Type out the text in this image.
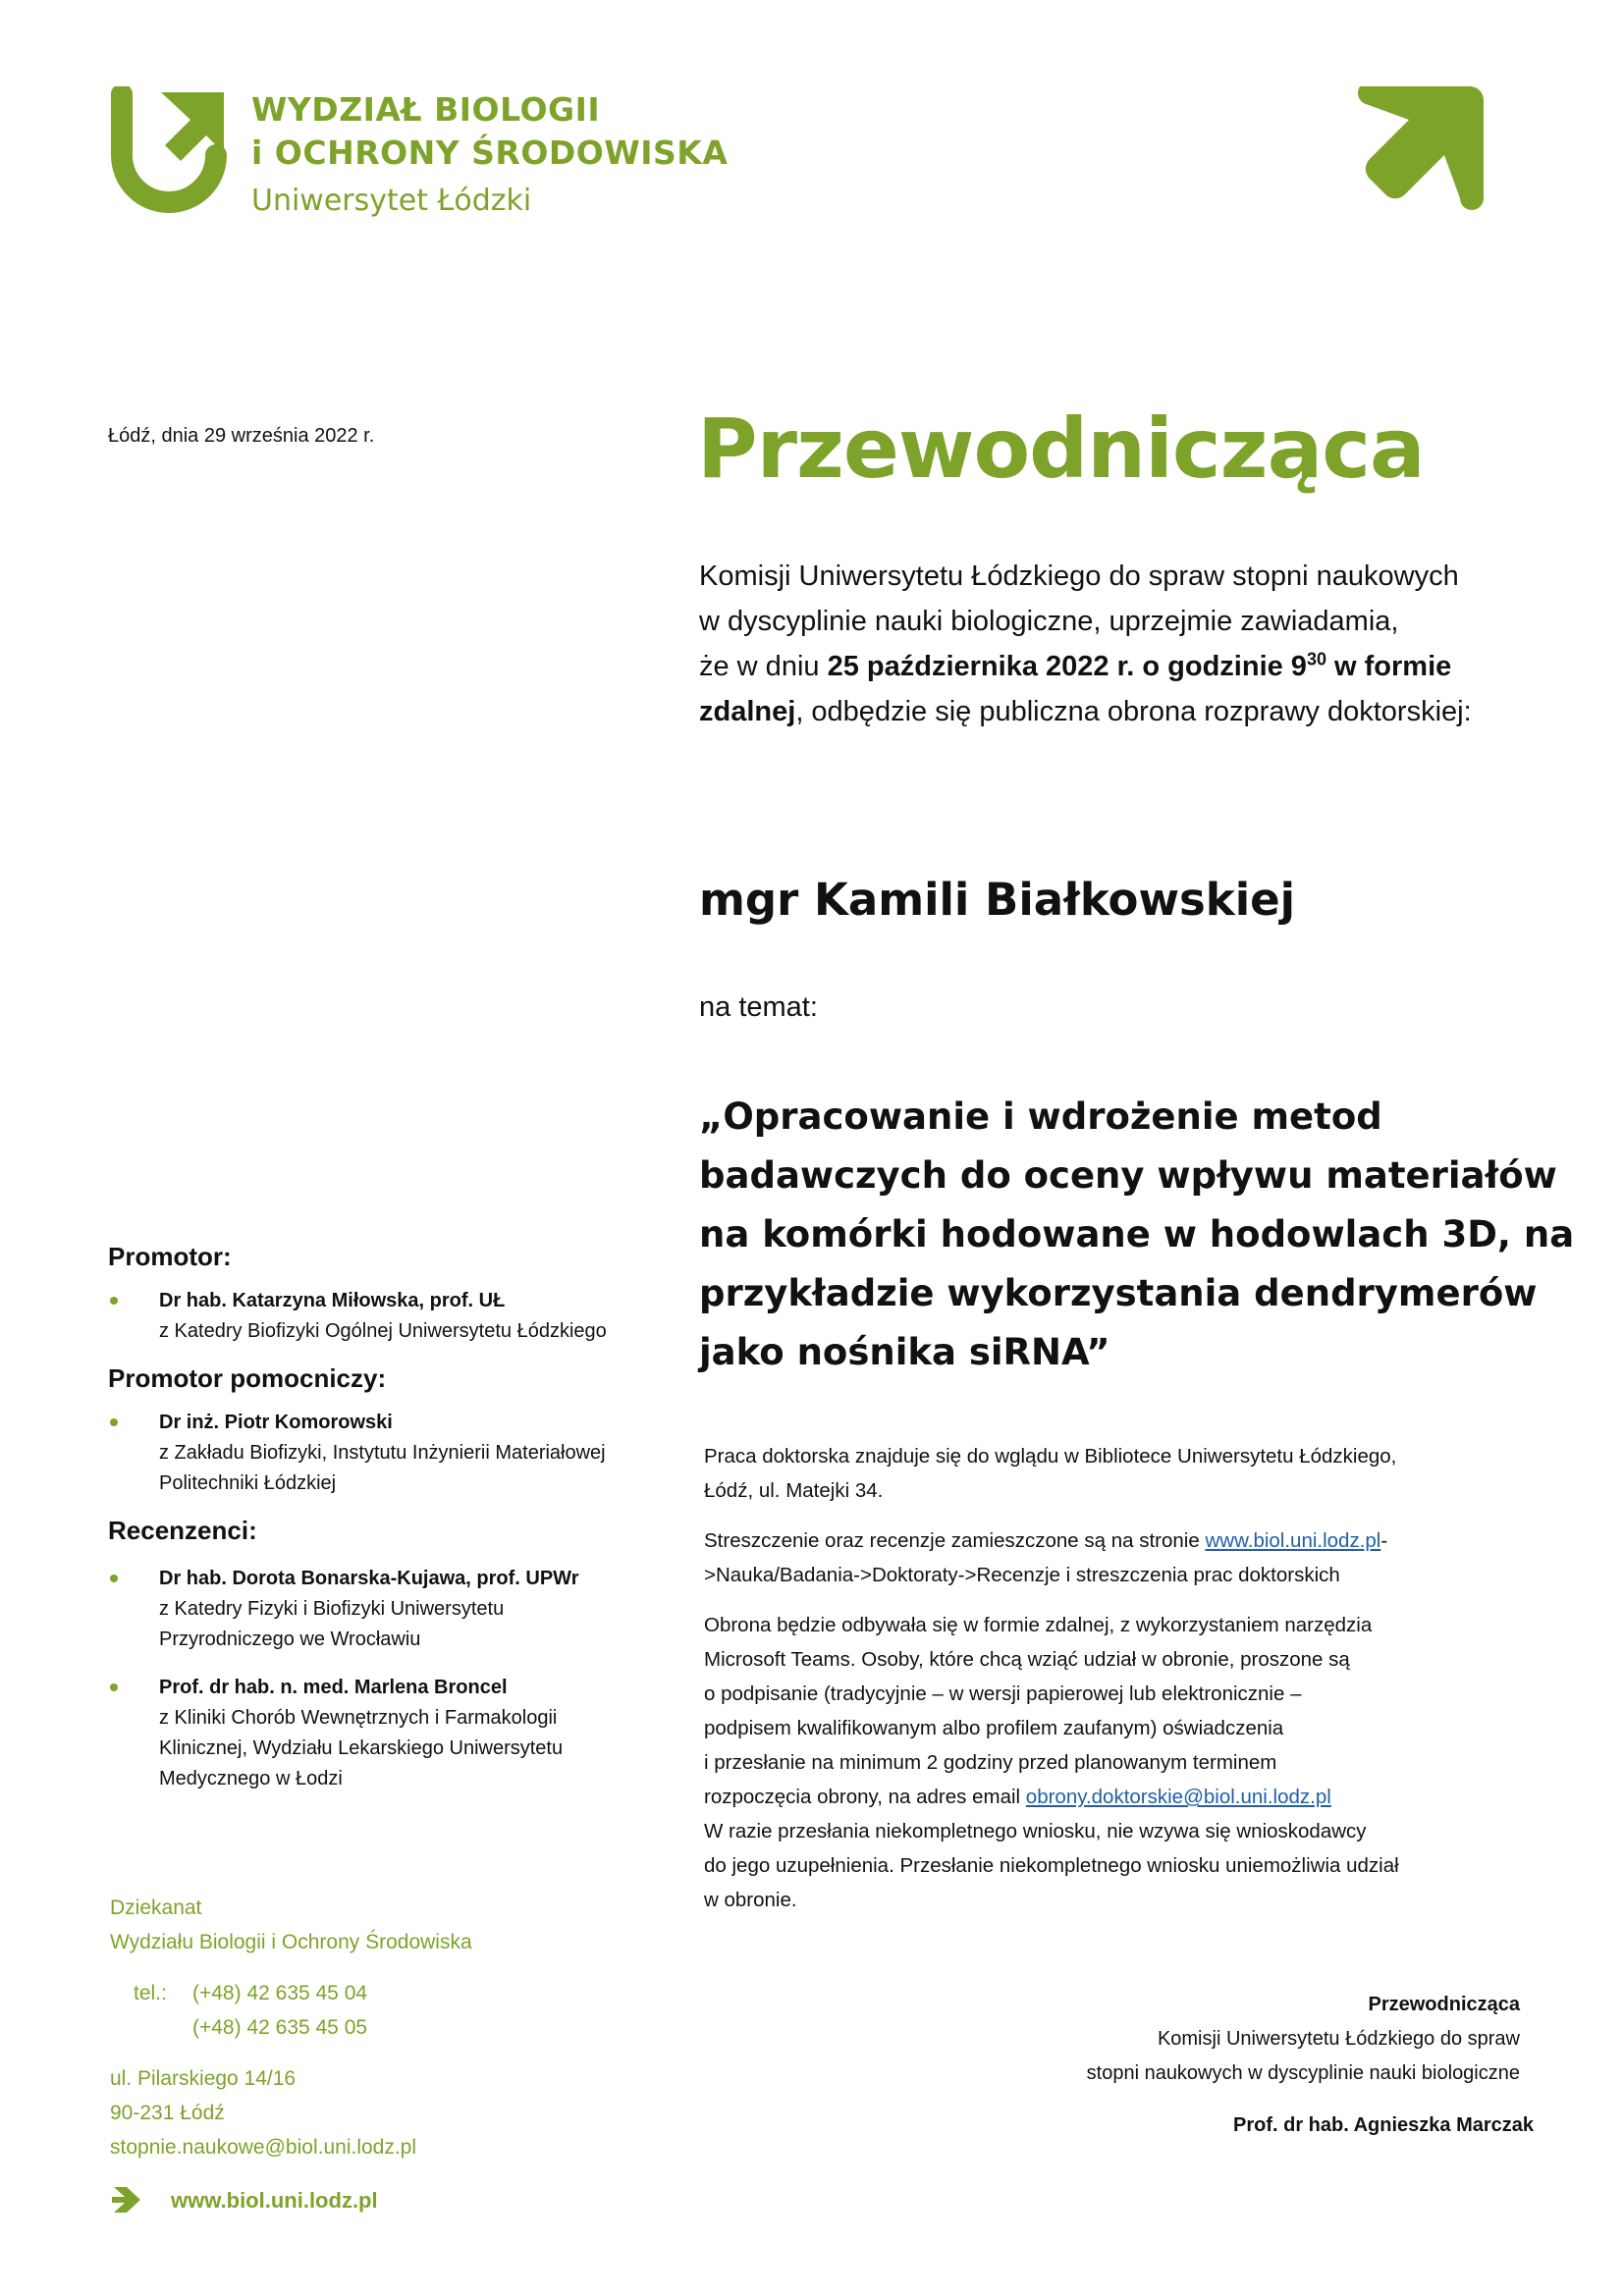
WYDZIAŁ BIOLOGII
i OCHRONY ŚRODOWISKA
Uniwersytet Łódzki
Łódź, dnia 29 września 2022 r.	Przewodnicząca
Komisji Uniwersytetu Łódzkiego do spraw stopni naukowych
w dyscyplinie nauki biologiczne, uprzejmie zawiadamia,
że w dniu 25 października 2022 r. o godzinie $9^{30}$ w formie
zdalnej, odbędzie się publiczna obrona rozprawy doktorskiej:
mgr Kamili Białkowskiej
na temat:
„Opracowanie i wdrożenie metod badawczych do oceny wpływu materiałów na komórki hodowane w hodowlach 3D, na przykładzie wykorzystania dendrymerów jako nośnika siRNA”

Praca doktorska znajduje się do wglądu w Bibliotece Uniwersytetu Łódzkiego,
Łódź, ul. Matejki 34.

Streszczenie oraz recenzje zamieszczone są na stronie www.biol.uni.lodz.pl-
>Nauka/Badania->Doktoraty->Recenzje i streszczenia prac doktorskich

Obrona będzie odbywała się w formie zdalnej, z wykorzystaniem narzędzia
Microsoft Teams. Osoby, które chcą wziąć udział w obronie, proszone są
o podpisanie (tradycyjnie – w wersji papierowej lub elektronicznie –
podpisem kwalifikowanym albo profilem zaufanym) oświadczenia
i przesłanie na minimum 2 godziny przed planowanym terminem
rozpoczęcia obrony, na adres email obrony.doktorskie@biol.uni.lodz.pl
W razie przesłania niekompletnego wniosku, nie wzywa się wnioskodawcy
do jego uzupełnienia. Przesłanie niekompletnego wniosku uniemożliwia udział
w obronie.

Promotor:
Dr hab. Katarzyna Miłowska, prof. UŁ
z Katedry Biofizyki Ogólnej Uniwersytetu Łódzkiego
Promotor pomocniczy:
Dr inż. Piotr Komorowski
z Zakładu Biofizyki, Instytutu Inżynierii Materiałowej
Politechniki Łódzkiej
Recenzenci:
Dr hab. Dorota Bonarska-Kujawa, prof. UPWr
z Katedry Fizyki i Biofizyki Uniwersytetu
Przyrodniczego we Wrocławiu
Prof. dr hab. n. med. Marlena Broncel
z Kliniki Chorób Wewnętrznych i Farmakologii
Klinicznej, Wydziału Lekarskiego Uniwersytetu
Medycznego w Łodzi
Dziekanat
Wydziału Biologii i Ochrony Środowiska
tel.:	(+48) 42 635 45 04
(+48) 42 635 45 05
ul. Pilarskiego 14/16
90-231 Łódź
stopnie.naukowe@biol.uni.lodz.pl
www.biol.uni.lodz.pl
Przewodnicząca
Komisji Uniwersytetu Łódzkiego do spraw
stopni naukowych w dyscyplinie nauki biologiczne
Prof. dr hab. Agnieszka Marczak
